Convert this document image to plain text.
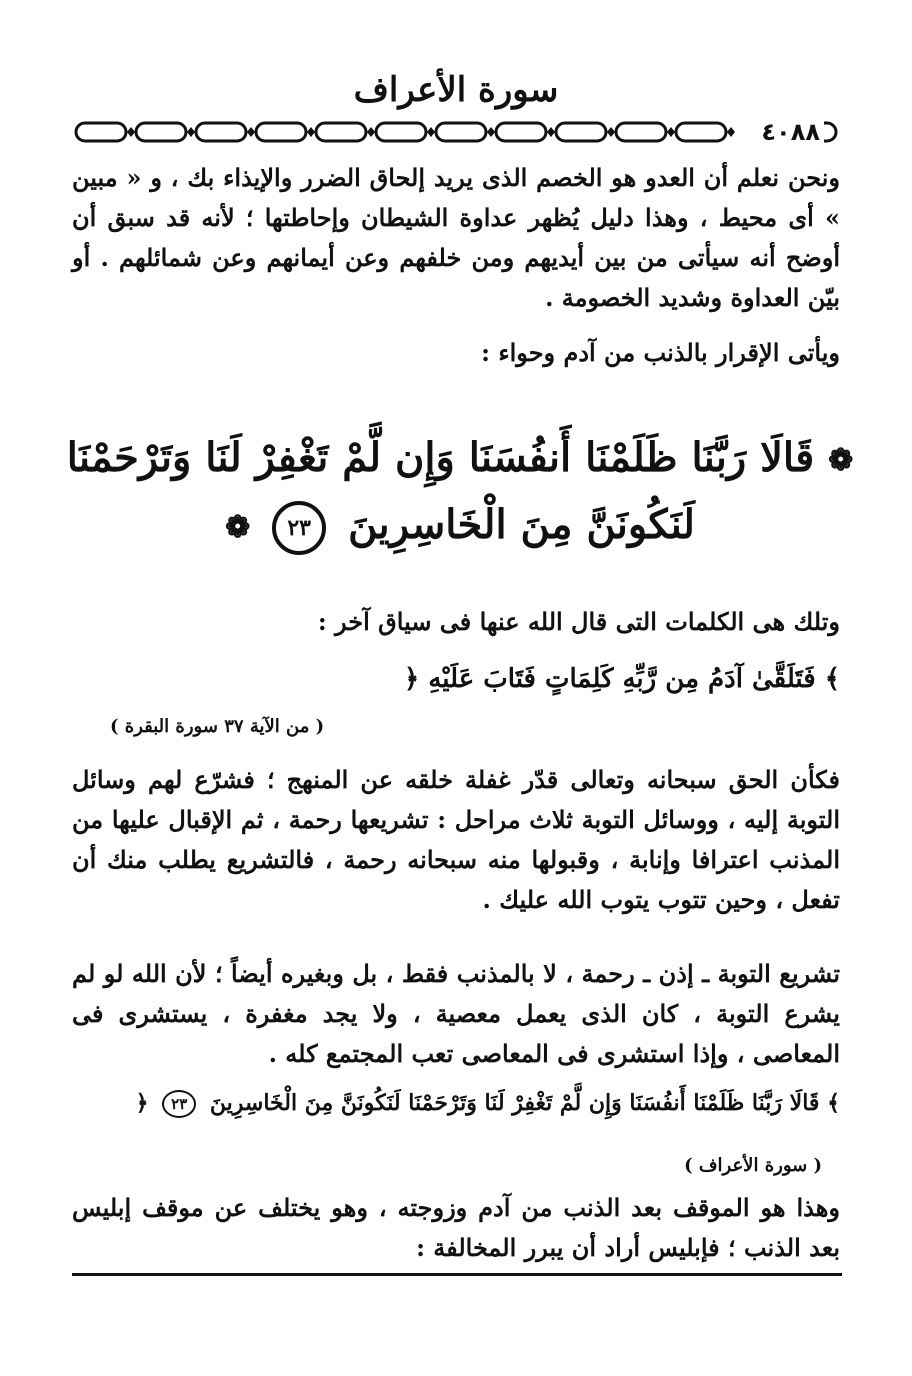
سورة الأعراف
٤٠٨٨
ونحن نعلم أن العدو هو الخصم الذى يريد إلحاق الضرر والإيذاء بك ، و « مبين » أى محيط ، وهذا دليل يُظهر عداوة الشيطان وإحاطتها ؛ لأنه قد سبق أن أوضح أنه سيأتى من بين أيديهم ومن خلفهم وعن أيمانهم وعن شمائلهم . أو بيّن العداوة وشديد الخصومة .
ويأتى الإقرار بالذنب من آدم وحواء :
❁ قَالَا رَبَّنَا ظَلَمْنَا أَنفُسَنَا وَإِن لَّمْ تَغْفِرْ لَنَا وَتَرْحَمْنَا
لَنَكُونَنَّ مِنَ الْخَاسِرِينَ ٢٣ ❁
وتلك هى الكلمات التى قال الله عنها فى سياق آخر :
﴾ فَتَلَقَّىٰ آدَمُ مِن رَّبِّهِ كَلِمَاتٍ فَتَابَ عَلَيْهِ ﴿
( من الآية ٣٧ سورة البقرة )
فكأن الحق سبحانه وتعالى قدّر غفلة خلقه عن المنهج ؛ فشرّع لهم وسائل التوبة إليه ، ووسائل التوبة ثلاث مراحل : تشريعها رحمة ، ثم الإقبال عليها من المذنب اعترافا وإنابة ، وقبولها منه سبحانه رحمة ، فالتشريع يطلب منك أن تفعل ، وحين تتوب يتوب الله عليك .
تشريع التوبة ـ إذن ـ رحمة ، لا بالمذنب فقط ، بل وبغيره أيضاً ؛ لأن الله لو لم يشرع التوبة ، كان الذى يعمل معصية ، ولا يجد مغفرة ، يستشرى فى المعاصى ، وإذا استشرى فى المعاصى تعب المجتمع كله .
﴾ قَالَا رَبَّنَا ظَلَمْنَا أَنفُسَنَا وَإِن لَّمْ تَغْفِرْ لَنَا وَتَرْحَمْنَا لَنَكُونَنَّ مِنَ الْخَاسِرِينَ ٢٣ ﴿
( سورة الأعراف )
وهذا هو الموقف بعد الذنب من آدم وزوجته ، وهو يختلف عن موقف إبليس بعد الذنب ؛ فإبليس أراد أن يبرر المخالفة :
